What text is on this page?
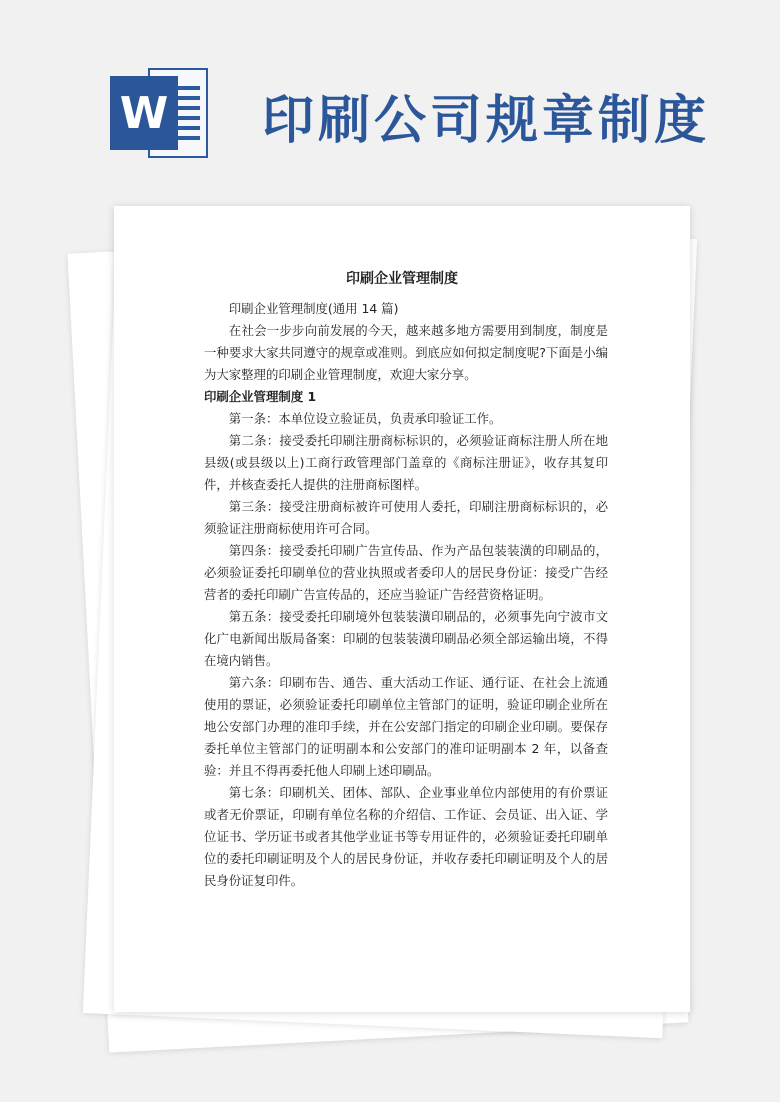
W 印刷公司规章制度
印刷企业管理制度

印刷企业管理制度(通用 14 篇)

在社会一步步向前发展的今天，越来越多地方需要用到制度，制度是一种要求大家共同遵守的规章或准则。到底应如何拟定制度呢?下面是小编为大家整理的印刷企业管理制度，欢迎大家分享。

印刷企业管理制度 1

第一条：本单位设立验证员，负责承印验证工作。

第二条：接受委托印刷注册商标标识的，必须验证商标注册人所在地县级(或县级以上)工商行政管理部门盖章的《商标注册证》，收存其复印件，并核查委托人提供的注册商标图样。

第三条：接受注册商标被许可使用人委托，印刷注册商标标识的，必须验证注册商标使用许可合同。

第四条：接受委托印刷广告宣传品、作为产品包装装潢的印刷品的，必须验证委托印刷单位的营业执照或者委印人的居民身份证：接受广告经营者的委托印刷广告宣传品的，还应当验证广告经营资格证明。

第五条：接受委托印刷境外包装装潢印刷品的，必须事先向宁波市文化广电新闻出版局备案：印刷的包装装潢印刷品必须全部运输出境，不得在境内销售。

第六条：印刷布告、通告、重大活动工作证、通行证、在社会上流通使用的票证，必须验证委托印刷单位主管部门的证明，验证印刷企业所在地公安部门办理的准印手续，并在公安部门指定的印刷企业印刷。要保存委托单位主管部门的证明副本和公安部门的准印证明副本 2 年，以备查验：并且不得再委托他人印刷上述印刷品。

第七条：印刷机关、团体、部队、企业事业单位内部使用的有价票证或者无价票证，印刷有单位名称的介绍信、工作证、会员证、出入证、学位证书、学历证书或者其他学业证书等专用证件的，必须验证委托印刷单位的委托印刷证明及个人的居民身份证，并收存委托印刷证明及个人的居民身份证复印件。
